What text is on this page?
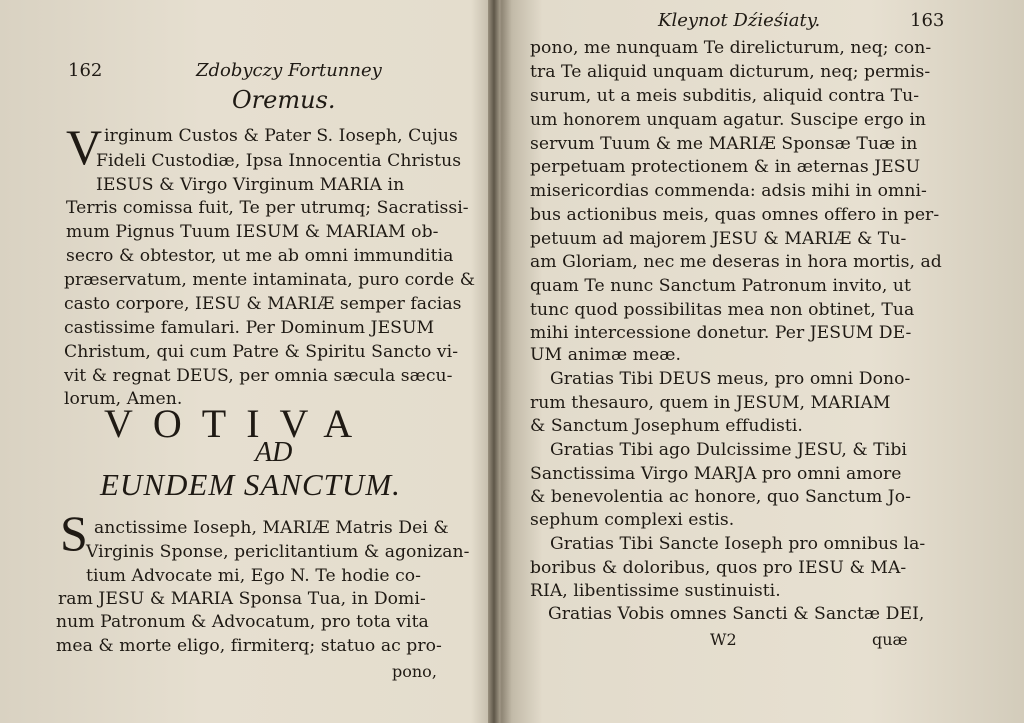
162	Zdobyczy Fortunney
Oremus.
V irginum Custos & Pater S. Ioseph, Cujus
Fideli Custodiæ, Ipsa Innocentia Christus
IESUS & Virgo Virginum MARIA in
Terris comissa fuit, Te per utrumq; Sacratissi-
mum Pignus Tuum IESUM & MARIAM ob-
secro & obtestor, ut me ab omni immunditia
præservatum, mente intaminata, puro corde &
casto corpore, IESU & MARIÆ semper facias
castissime famulari. Per Dominum JESUM
Christum, qui cum Patre & Spiritu Sancto vi-
vit & regnat DEUS, per omnia sæcula sæcu-
lorum, Amen.
VOTIVA
AD
EUNDEM SANCTUM.
S anctissime Ioseph, MARIÆ Matris Dei &
Virginis Sponse, periclitantium & agonizan-
tium Advocate mi, Ego N. Te hodie co-
ram JESU & MARIA Sponsa Tua, in Domi-
num Patronum & Advocatum, pro tota vita
mea & morte eligo, firmiterq; statuo ac pro-
pono,
Kleynot Dźieśiaty.	163
pono, me nunquam Te direlicturum, neq; con-
tra Te aliquid unquam dicturum, neq; permis-
surum, ut a meis subditis, aliquid contra Tu-
um honorem unquam agatur. Suscipe ergo in
servum Tuum & me MARIÆ Sponsæ Tuæ in
perpetuam protectionem & in æternas JESU
misericordias commenda: adsis mihi in omni-
bus actionibus meis, quas omnes offero in per-
petuum ad majorem JESU & MARIÆ & Tu-
am Gloriam, nec me deseras in hora mortis, ad
quam Te nunc Sanctum Patronum invito, ut
tunc quod possibilitas mea non obtinet, Tua
mihi intercessione donetur. Per JESUM DE-
UM animæ meæ.
Gratias Tibi DEUS meus, pro omni Dono-
rum thesauro, quem in JESUM, MARIAM
& Sanctum Josephum effudisti.
Gratias Tibi ago Dulcissime JESU, & Tibi
Sanctissima Virgo MARJA pro omni amore
& benevolentia ac honore, quo Sanctum Jo-
sephum complexi estis.
Gratias Tibi Sancte Ioseph pro omnibus la-
boribus & doloribus, quos pro IESU & MA-
RIA, libentissime sustinuisti.
Gratias Vobis omnes Sancti & Sanctæ DEI,
W2	quæ
